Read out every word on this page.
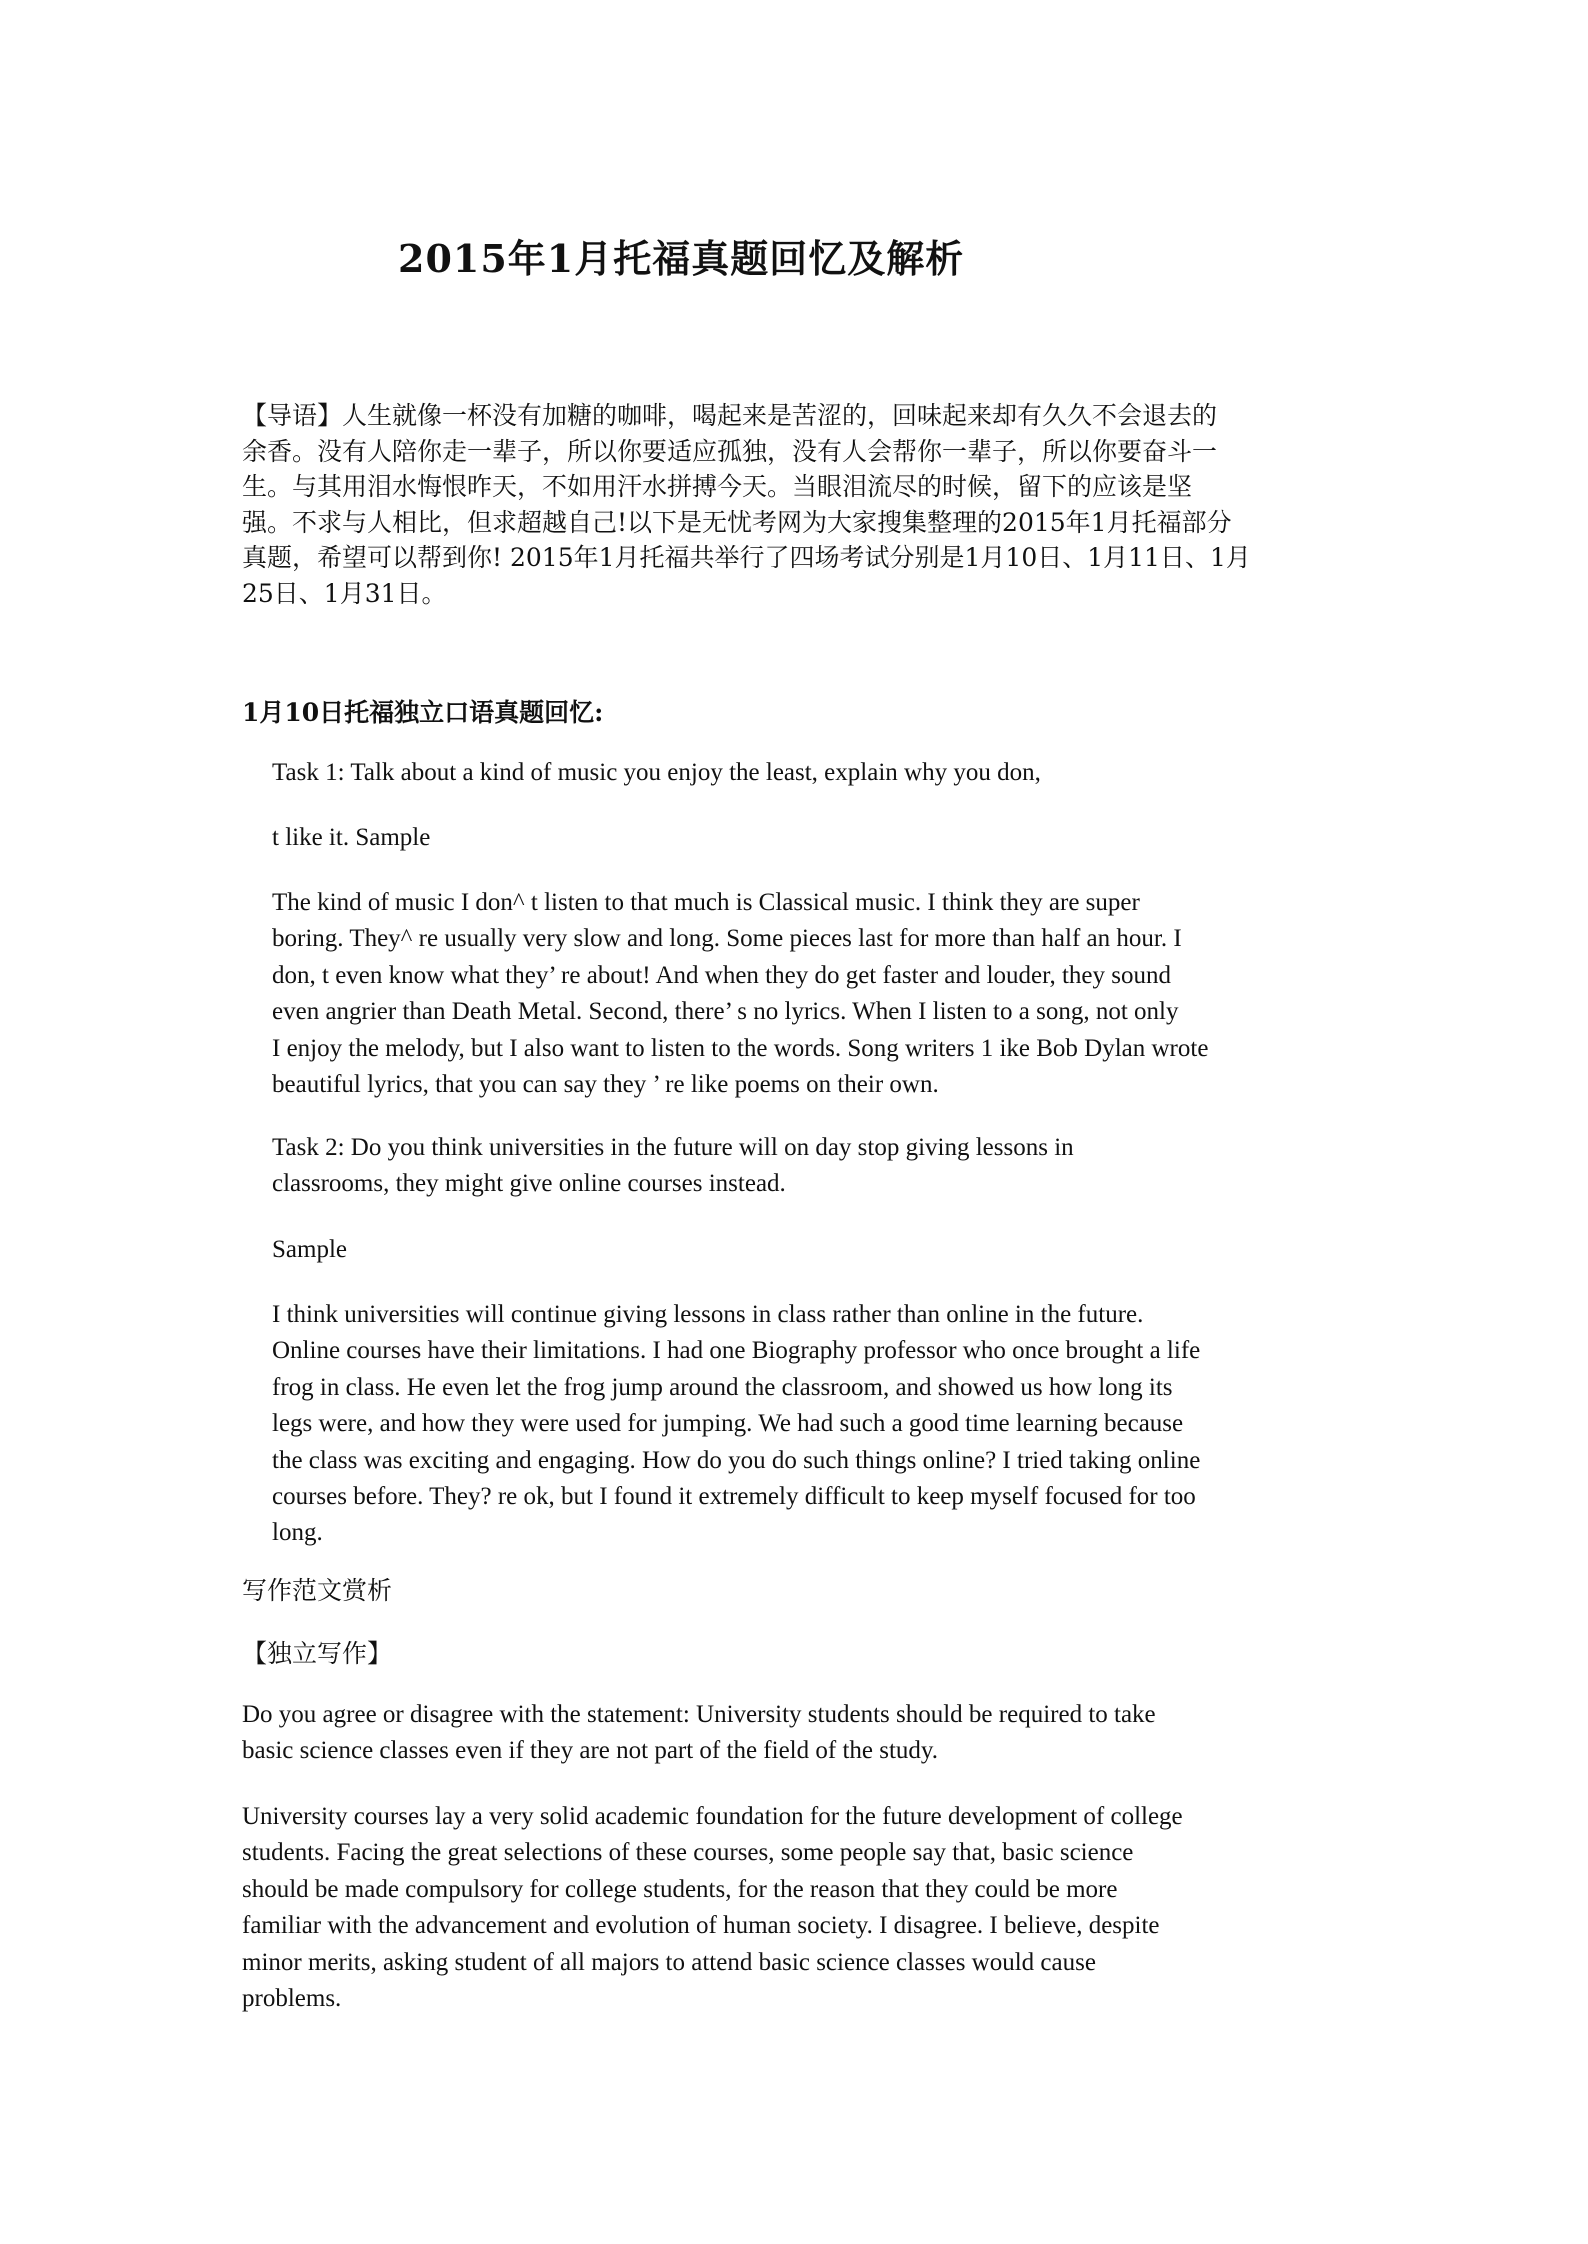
2015年1月托福真题回忆及解析

【导语】人生就像一杯没有加糖的咖啡，喝起来是苦涩的，回味起来却有久久不会退去的
余香。没有人陪你走一辈子，所以你要适应孤独，没有人会帮你一辈子，所以你要奋斗一
生。与其用泪水悔恨昨天，不如用汗水拼搏今天。当眼泪流尽的时候，留下的应该是坚
强。不求与人相比，但求超越自己!以下是无忧考网为大家搜集整理的2015年1月托福部分
真题，希望可以帮到你! 2015年1月托福共举行了四场考试分别是1月10日、1月11日、1月
25日、1月31日。

1月10日托福独立口语真题回忆:

Task 1: Talk about a kind of music you enjoy the least, explain why you don,

t like it. Sample

The kind of music I don^ t listen to that much is Classical music. I think they are super
boring. They^ re usually very slow and long. Some pieces last for more than half an hour. I
don, t even know what they’ re about! And when they do get faster and louder, they sound
even angrier than Death Metal. Second, there’ s no lyrics. When I listen to a song, not only
I enjoy the melody, but I also want to listen to the words. Song writers 1 ike Bob Dylan wrote
beautiful lyrics, that you can say they ’ re like poems on their own.

Task 2: Do you think universities in the future will on day stop giving lessons in
classrooms, they might give online courses instead.

Sample

I think universities will continue giving lessons in class rather than online in the future.
Online courses have their limitations. I had one Biography professor who once brought a life
frog in class. He even let the frog jump around the classroom, and showed us how long its
legs were, and how they were used for jumping. We had such a good time learning because
the class was exciting and engaging. How do you do such things online? I tried taking online
courses before. They? re ok, but I found it extremely difficult to keep myself focused for too
long.

写作范文赏析

【独立写作】

Do you agree or disagree with the statement: University students should be required to take
basic science classes even if they are not part of the field of the study.

University courses lay a very solid academic foundation for the future development of college
students. Facing the great selections of these courses, some people say that, basic science
should be made compulsory for college students, for the reason that they could be more
familiar with the advancement and evolution of human society. I disagree. I believe, despite
minor merits, asking student of all majors to attend basic science classes would cause
problems.
